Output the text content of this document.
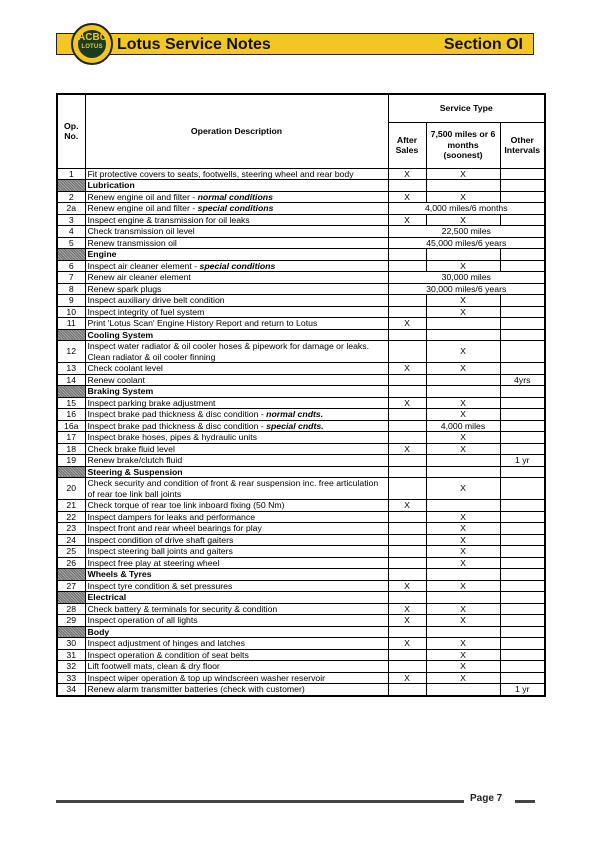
Lotus Service Notes	Section OI
ACBC
LOTUS
Op. No.	Operation Description	Service Type		
		After Sales	7,500 miles or 6 months (soonest)	Other Intervals
1	Fit protective covers to seats, footwells, steering wheel and rear body	X	X	
	Lubrication			
2	Renew engine oil and filter - normal conditions	X	X	
2a	Renew engine oil and filter - special conditions	4,000 miles/6 months		
3	Inspect engine & transmission for oil leaks	X	X	
4	Check transmission oil level	22,500 miles		
5	Renew transmission oil	45,000 miles/6 years		
	Engine			
6	Inspect air cleaner element - special conditions		X	
7	Renew air cleaner element	30,000 miles		
8	Renew spark plugs	30,000 miles/6 years		
9	Inspect auxiliary drive belt condition		X	
10	Inspect integrity of fuel system		X	
11	Print 'Lotus Scan' Engine History Report and return to Lotus	X		
	Cooling System			
12	Inspect water radiator & oil cooler hoses & pipework for damage or leaks. Clean radiator & oil cooler finning		X	
13	Check coolant level	X	X	
14	Renew coolant			4yrs
	Braking System			
15	Inspect parking brake adjustment	X	X	
16	Inspect brake pad thickness & disc condition - normal cndts.		X	
16a	Inspect brake pad thickness & disc condition - special cndts.		4,000 miles	
17	Inspect brake hoses, pipes & hydraulic units		X	
18	Check brake fluid level	X	X	
19	Renew brake/clutch fluid			1 yr
	Steering & Suspension			
20	Check security and condition of front & rear suspension inc. free articulation of rear toe link ball joints		X	
21	Check torque of rear toe link inboard fixing (50 Nm)	X		
22	Inspect dampers for leaks and performance		X	
23	Inspect front and rear wheel bearings for play		X	
24	Inspect condition of drive shaft gaiters		X	
25	Inspect steering ball joints and gaiters		X	
26	Inspect free play at steering wheel		X	
	Wheels & Tyres			
27	Inspect tyre condition & set pressures	X	X	
	Electrical			
28	Check battery & terminals for security & condition	X	X	
29	Inspect operation of all lights	X	X	
	Body			
30	Inspect adjustment of hinges and latches	X	X	
31	Inspect operation & condition of seat belts		X	
32	Lift footwell mats, clean & dry floor		X	
33	Inspect wiper operation & top up windscreen washer reservoir	X	X	
34	Renew alarm transmitter batteries (check with customer)			1 yr
Page 7
